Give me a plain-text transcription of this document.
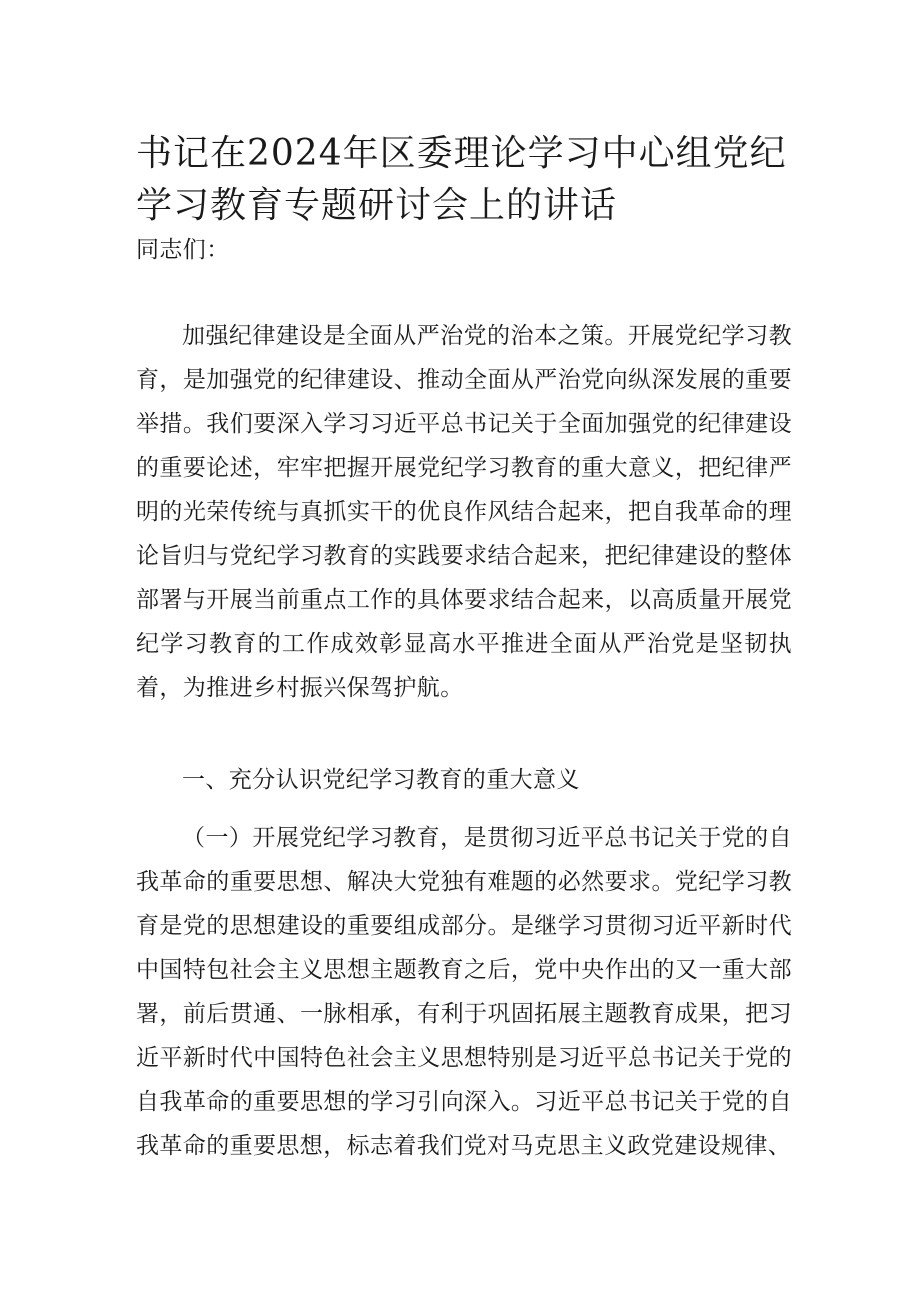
书记在2024年区委理论学习中心组党纪学习教育专题研讨会上的讲话

同志们：

加强纪律建设是全面从严治党的治本之策。开展党纪学习教育，是加强党的纪律建设、推动全面从严治党向纵深发展的重要举措。我们要深入学习习近平总书记关于全面加强党的纪律建设的重要论述，牢牢把握开展党纪学习教育的重大意义，把纪律严明的光荣传统与真抓实干的优良作风结合起来，把自我革命的理论旨归与党纪学习教育的实践要求结合起来，把纪律建设的整体部署与开展当前重点工作的具体要求结合起来，以高质量开展党纪学习教育的工作成效彰显高水平推进全面从严治党是坚韧执着，为推进乡村振兴保驾护航。

一、充分认识党纪学习教育的重大意义

（一）开展党纪学习教育，是贯彻习近平总书记关于党的自我革命的重要思想、解决大党独有难题的必然要求。党纪学习教育是党的思想建设的重要组成部分。是继学习贯彻习近平新时代中国特包社会主义思想主题教育之后，党中央作出的又一重大部署，前后贯通、一脉相承，有利于巩固拓展主题教育成果，把习近平新时代中国特色社会主义思想特别是习近平总书记关于党的自我革命的重要思想的学习引向深入。习近平总书记关于党的自我革命的重要思想，标志着我们党对马克思主义政党建设规律、
